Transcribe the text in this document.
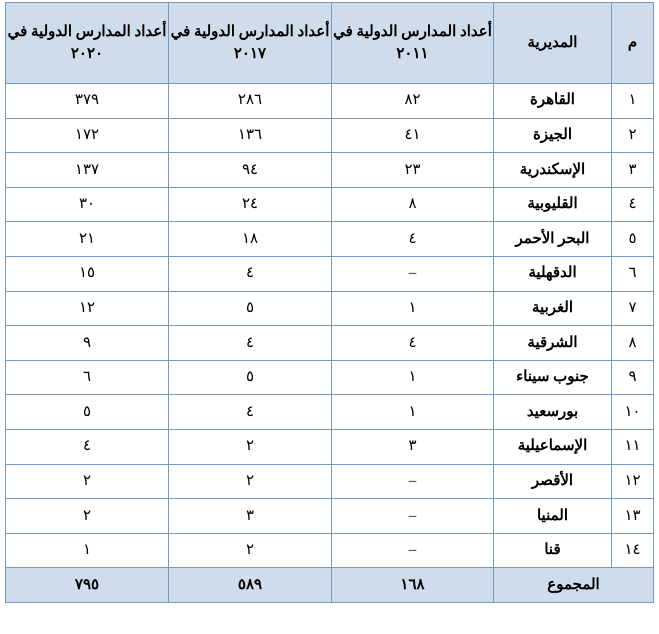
م	المديرية	أعداد المدارس الدولية في ٢٠١١	أعداد المدارس الدولية في ٢٠١٧	أعداد المدارس الدولية في ٢٠٢٠
١	القاهرة	٨٢	٢٨٦	٣٧٩
٢	الجيزة	٤١	١٣٦	١٧٢
٣	الإسكندرية	٢٣	٩٤	١٣٧
٤	القليوبية	٨	٢٤	٣٠
٥	البحر الأحمر	٤	١٨	٢١
٦	الدقهلية	–	٤	١٥
٧	الغربية	١	٥	١٢
٨	الشرقية	٤	٤	٩
٩	جنوب سيناء	١	٥	٦
١٠	بورسعيد	١	٤	٥
١١	الإسماعيلية	٣	٢	٤
١٢	الأقصر	–	٢	٢
١٣	المنيا	–	٣	٢
١٤	قنا	–	٢	١
المجموع		١٦٨	٥٨٩	٧٩٥
